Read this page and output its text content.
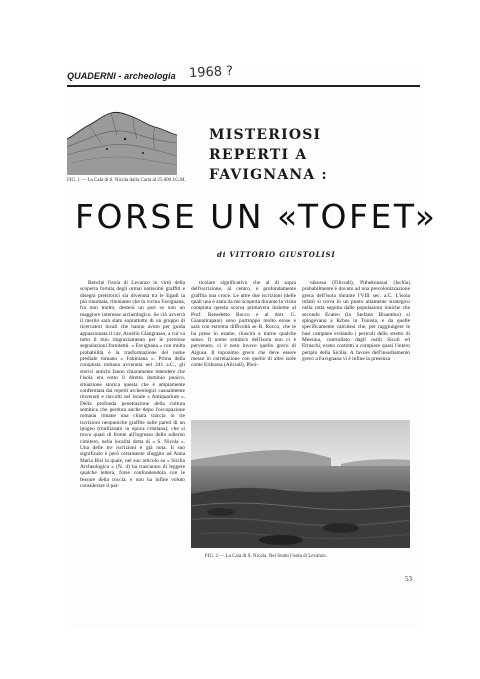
QUADERNI - archeologia 1968 ?
FIG. 1 — La Cala di S. Nicola dalla Carta al 25.000 I.G.M.
MISTERIOSI
REPERTI A FAVIGNANA :
FORSE UN «TOFET»
di VITTORIO GIUSTOLISI

Benché l'isola di Levanzo in virtù della scoperta fornita degli ormai notissimi graffiti e disegni preistorici sia divenuta tra le Egadi la più rinomata, riteniamo che la vicina Favignana, fra non molto, desterà un pari se non un maggiore interesse archeologico. Se ciò avverrà il merito sarà stato soprattutto di un gruppo di ricercatori locali che hanno avuto per guida appassionata il cav. Aurelio Giangrasso, a cui va tutto il mio ringraziamento per le preziose segnalazioni fornitemi. « Favignana » con molta probabilità è la trasformazione del nome prediale romano « Fabiniana ». Prima della conquista romana avvenuta nel 241 a.C., gli storici antichi fanno chiaramente intendere che l'isola era sotto il diretto dominio punico, situazione storica questa che è ampiamente confermata dai reperti archeologici casualmente rinvenuti e raccolti nel locale « Antiquarium ». Della profonda penetrazione della cultura semitica che perdura anche dopo l'occupazione romana rimane una chiara traccia in tre iscrizioni neopuniche graffite sulle pareti di un ipogeo (riutilizzato in epoca cristiana), che si trova quasi di fronte all'ingresso dello odierno cimitero, nella località detta di « S. Nicola ». Una delle tre iscrizioni è già nota. Il suo significato è però certamente sfuggito ad Anna Maria Bisi la quale, nel suo articolo su « Sicilia Archeologica » (N. 4) ha trascurato di leggere qualche lettera, forse confondendola con le fessure della roccia, e non ha infine voluto considerare il par-

ticolare significativo che al di sopra dell'iscrizione, al centro, è profondamente graffita una croce. Le altre due iscrizioni (delle quali una è stata da me scoperta durante la visita compiuta questa scorsa primavera insieme al Prof. Benedetto Rocco e al dott. G. Giannitrapani) sono purtroppo molto erose e sarà con estrema difficoltà se B. Rocco, che le ha prese in esame, riuscirà a trarne qualche senso. Il nome semitico dell'isola non ci è pervenuto, ci è noto invece quello greco di Aigusa. Il toponimo greco che deve essere messo in correlazione con quello di altre isole come Erikussa (Alicudi), Phoi-

nikussa (Filicudi), Pithekoussai (Ischia) probabilmente è dovuto ad una precolonizzazione greca dell'isola durante l'VIII sec. a.C. L'isola infatti si trova in un punto altamente strategico nella rotta seguita dalle popolazioni ioniche che secondo Ecateo (in Stefano Bisantino) si spingevano a Krbos in Tunisia, e da quelle specificamente calcidesi che, per raggiungere le basi campane evitando i pericoli dello stretto di Messina, controllato dagli ostili Siculi ed Etruschi, erano costretti a compiere quasi l'intero periplo della Sicilia. A favore dell'insediamento greco a Favignana vi è infine la presenza

FIG. 2 — La Cala di S. Nicola. Nel fondo l'isola di Levanzo.
53
